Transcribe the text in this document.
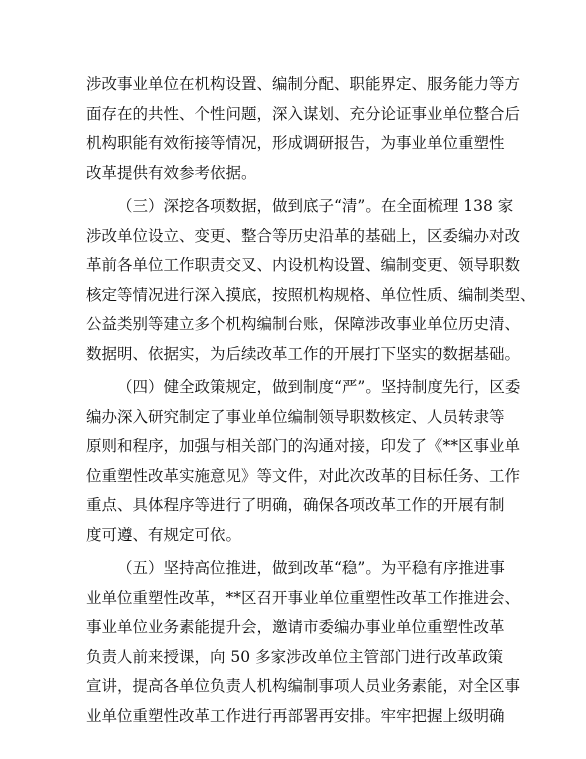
涉改事业单位在机构设置、编制分配、职能界定、服务能力等方
面存在的共性、个性问题，深入谋划、充分论证事业单位整合后
机构职能有效衔接等情况，形成调研报告，为事业单位重塑性
改革提供有效参考依据。
（三）深挖各项数据，做到底子“清”。在全面梳理 138 家
涉改单位设立、变更、整合等历史沿革的基础上，区委编办对改
革前各单位工作职责交叉、内设机构设置、编制变更、领导职数
核定等情况进行深入摸底，按照机构规格、单位性质、编制类型、
公益类别等建立多个机构编制台账，保障涉改事业单位历史清、
数据明、依据实，为后续改革工作的开展打下坚实的数据基础。
（四）健全政策规定，做到制度“严”。坚持制度先行，区委
编办深入研究制定了事业单位编制领导职数核定、人员转隶等
原则和程序，加强与相关部门的沟通对接，印发了《**区事业单
位重塑性改革实施意见》等文件，对此次改革的目标任务、工作
重点、具体程序等进行了明确，确保各项改革工作的开展有制
度可遵、有规定可依。
（五）坚持高位推进，做到改革“稳”。为平稳有序推进事
业单位重塑性改革，**区召开事业单位重塑性改革工作推进会、
事业单位业务素能提升会，邀请市委编办事业单位重塑性改革
负责人前来授课，向 50 多家涉改单位主管部门进行改革政策
宣讲，提高各单位负责人机构编制事项人员业务素能，对全区事
业单位重塑性改革工作进行再部署再安排。牢牢把握上级明确
